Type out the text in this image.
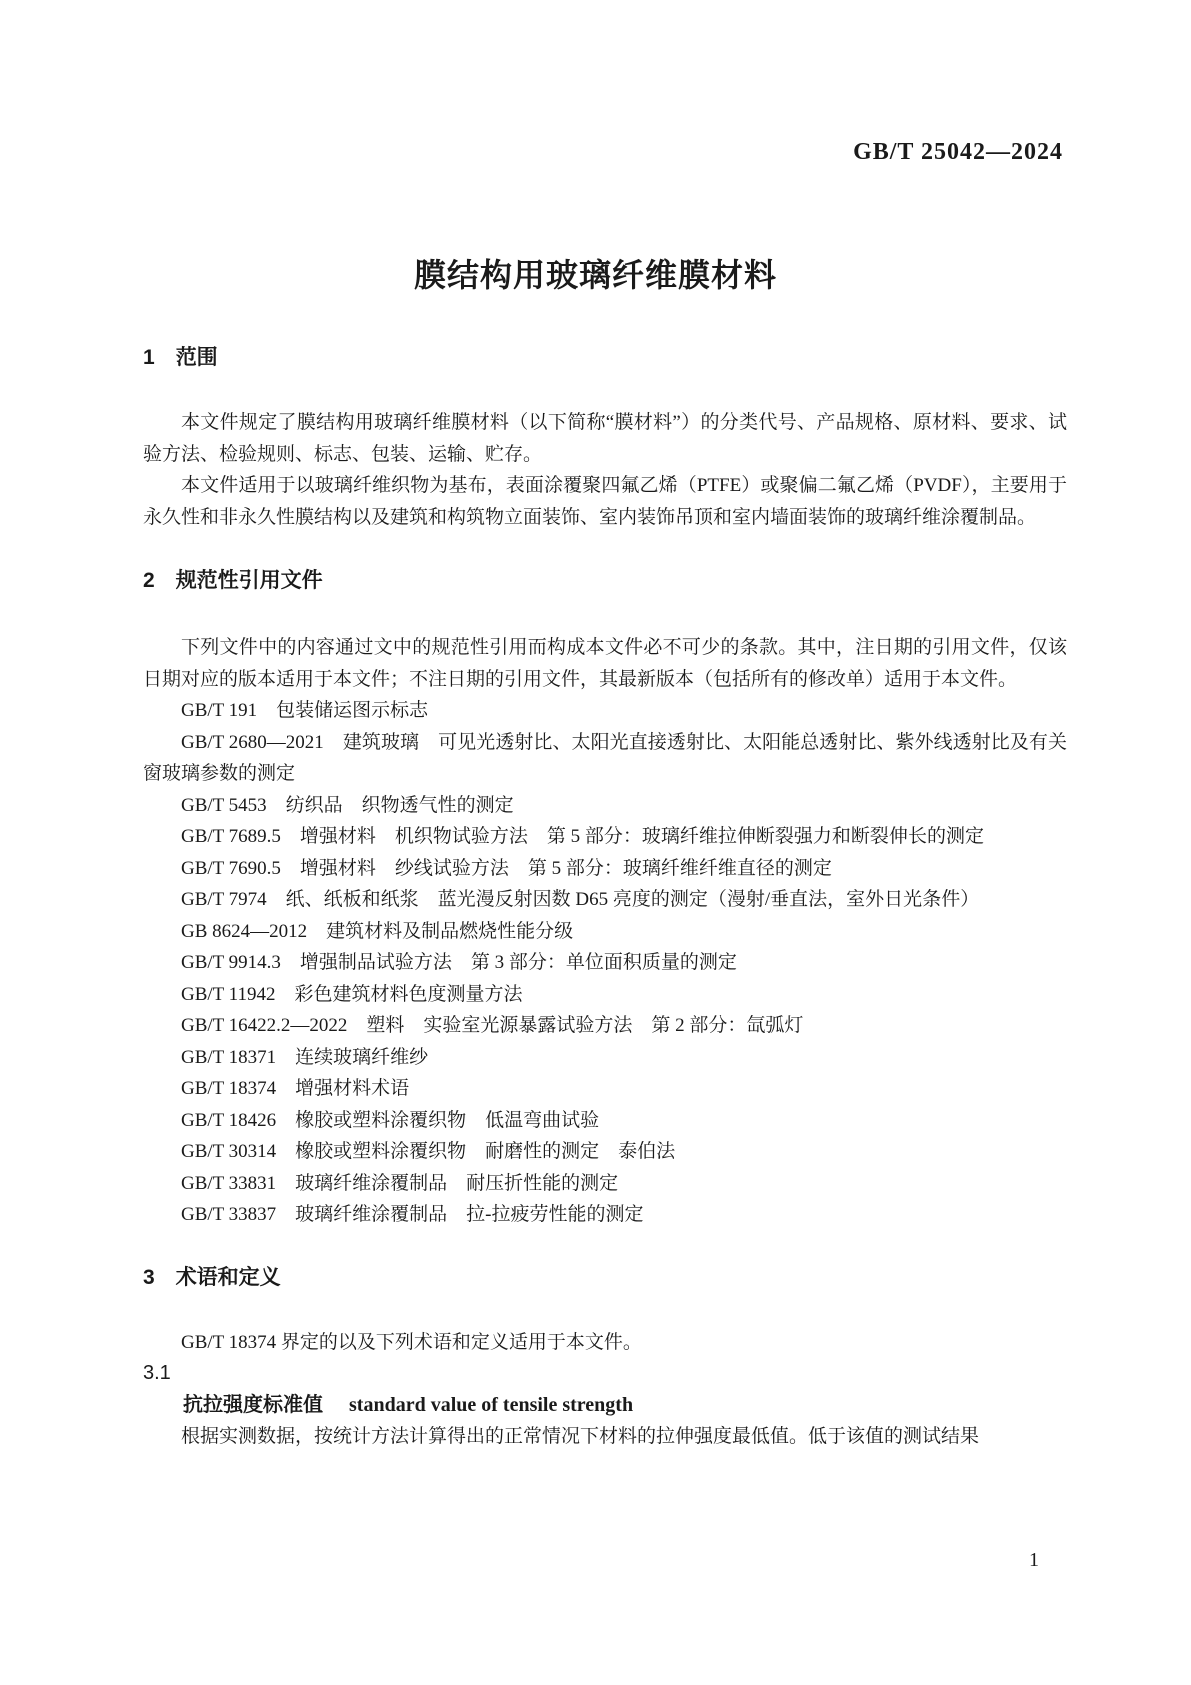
GB/T 25042—2024
膜结构用玻璃纤维膜材料
1 范围

本文件规定了膜结构用玻璃纤维膜材料（以下简称“膜材料”）的分类代号、产品规格、原材料、要求、试验方法、检验规则、标志、包装、运输、贮存。

本文件适用于以玻璃纤维织物为基布，表面涂覆聚四氟乙烯（PTFE）或聚偏二氟乙烯（PVDF），主要用于永久性和非永久性膜结构以及建筑和构筑物立面装饰、室内装饰吊顶和室内墙面装饰的玻璃纤维涂覆制品。

2 规范性引用文件

下列文件中的内容通过文中的规范性引用而构成本文件必不可少的条款。其中，注日期的引用文件，仅该日期对应的版本适用于本文件；不注日期的引用文件，其最新版本（包括所有的修改单）适用于本文件。

GB/T 191　包装储运图示标志

GB/T 2680—2021　建筑玻璃　可见光透射比、太阳光直接透射比、太阳能总透射比、紫外线透射比及有关窗玻璃参数的测定

GB/T 5453　纺织品　织物透气性的测定

GB/T 7689.5　增强材料　机织物试验方法　第 5 部分：玻璃纤维拉伸断裂强力和断裂伸长的测定

GB/T 7690.5　增强材料　纱线试验方法　第 5 部分：玻璃纤维纤维直径的测定

GB/T 7974　纸、纸板和纸浆　蓝光漫反射因数 D65 亮度的测定（漫射/垂直法，室外日光条件）

GB 8624—2012　建筑材料及制品燃烧性能分级

GB/T 9914.3　增强制品试验方法　第 3 部分：单位面积质量的测定

GB/T 11942　彩色建筑材料色度测量方法

GB/T 16422.2—2022　塑料　实验室光源暴露试验方法　第 2 部分：氙弧灯

GB/T 18371　连续玻璃纤维纱

GB/T 18374　增强材料术语

GB/T 18426　橡胶或塑料涂覆织物　低温弯曲试验

GB/T 30314　橡胶或塑料涂覆织物　耐磨性的测定　泰伯法

GB/T 33831　玻璃纤维涂覆制品　耐压折性能的测定

GB/T 33837　玻璃纤维涂覆制品　拉-拉疲劳性能的测定

3 术语和定义

GB/T 18374 界定的以及下列术语和定义适用于本文件。

3.1

抗拉强度标准值 standard value of tensile strength

根据实测数据，按统计方法计算得出的正常情况下材料的拉伸强度最低值。低于该值的测试结果

1
